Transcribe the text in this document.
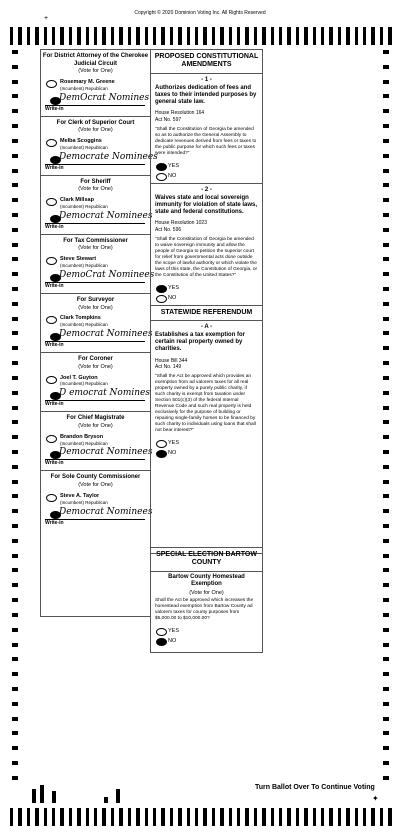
Copyright © 2020 Dominion Voting Inc. All Rights Reserved
+
For District Attorney of the Cherokee Judicial Circuit
(Vote for One)
Rosemary M. Greene
(Incumbent) Republican
DemOcrat Nomines
Write-in
For Clerk of Superior Court
(Vote for One)
Melba Scoggins
(Incumbent) Republican
Democrate Nominees
Write-in
For Sheriff
(Vote for One)
Clark Millsap
(Incumbent) Republican
Democrat Nominees
Write-in
For Tax Commissioner
(Vote for One)
Steve Stewart
(Incumbent) Republican
DemoCrat Nominees
Write-in
For Surveyor
(Vote for One)
Clark Tompkins
(Incumbent) Republican
Democrat Nominees
Write-in
For Coroner
(Vote for One)
Joel T. Guyton
(Incumbent) Republican
D emocrat Nomines
Write-in
For Chief Magistrate
(Vote for One)
Brandon Bryson
(Incumbent) Republican
Democrat Nominees
Write-in
For Sole County Commissioner
(Vote for One)
Steve A. Taylor
(Incumbent) Republican
Democrat Nominees
Write-in
PROPOSED CONSTITUTIONAL AMENDMENTS
- 1 -
Authorizes dedication of fees and taxes to their intended purposes by general state law.
House Resolution 164
Act No. 597
"Shall the Constitution of Georgia be amended so as to authorize the General Assembly to dedicate revenues derived from fees or taxes to the public purpose for which such fees or taxes were intended?"
YES
NO
- 2 -
Waives state and local sovereign immunity for violation of state laws, state and federal constitutions.
House Resolution 1023
Act No. 596
"Shall the Constitution of Georgia be amended to waive sovereign immunity and allow the people of Georgia to petition the superior court for relief from governmental acts done outside the scope of lawful authority or which violate the laws of this state, the Constitution of Georgia, or the Constitution of the United States?"
YES
NO
STATEWIDE REFERENDUM
- A -
Establishes a tax exemption for certain real property owned by charities.
House Bill 344
Act No. 149
"Shall the Act be approved which provides an exemption from ad valorem taxes for all real property owned by a purely public charity, if such charity is exempt from taxation under Section 501(c)(3) of the federal Internal Revenue Code and such real property is held exclusively for the purpose of building or repairing single-family homes to be financed by such charity to individuals using loans that shall not bear interest?"
YES
NO
SPECIAL ELECTION BARTOW COUNTY
Bartow County Homestead Exemption
(Vote for One)
Shall the Act be approved which increases the homestead exemption from Bartow County ad valorem taxes for county purposes from $5,000.00 to $10,000.00?
YES
NO
Turn Ballot Over To Continue Voting
✦
